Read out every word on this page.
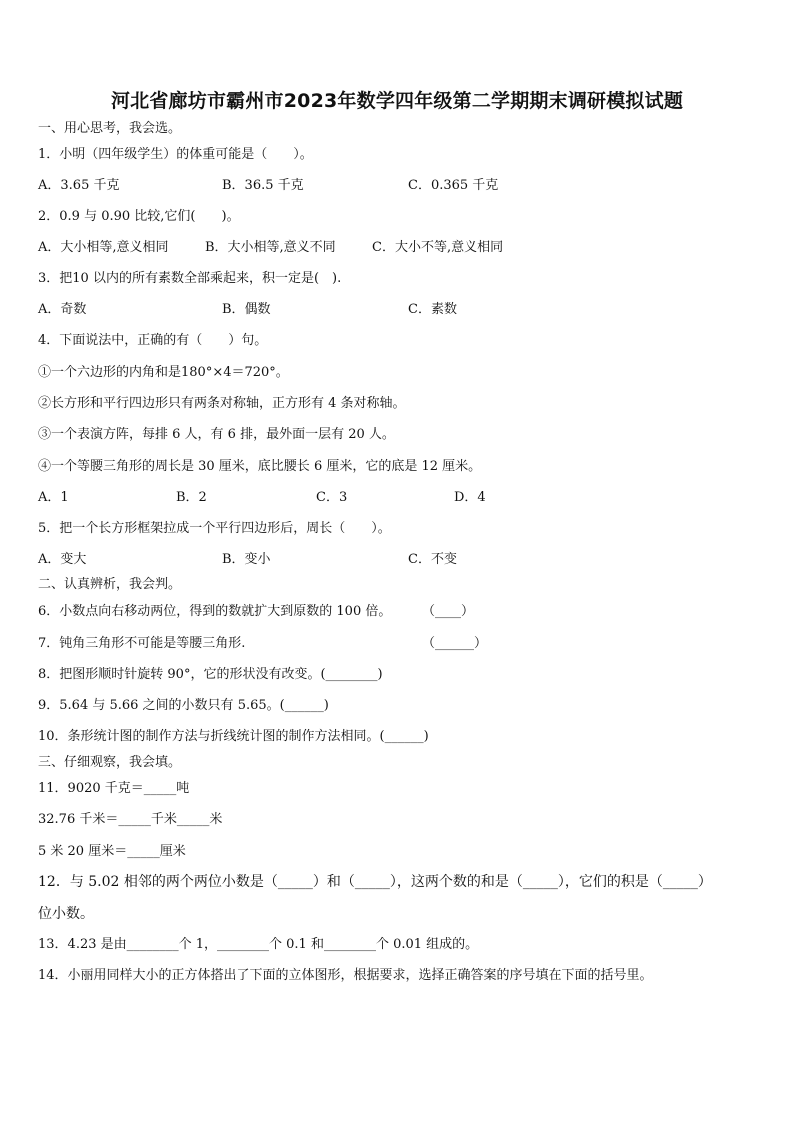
河北省廊坊市霸州市2023年数学四年级第二学期期末调研模拟试题
一、用心思考，我会选。
1．小明（四年级学生）的体重可能是（　　）。
A．3.65 千克	B．36.5 千克	C．0.365 千克
2．0.9 与 0.90 比较,它们(　　)。
A．大小相等,意义相同	B．大小相等,意义不同	C．大小不等,意义相同
3．把10 以内的所有素数全部乘起来，积一定是(　).
A．奇数	B．偶数	C．素数
4．下面说法中，正确的有（　　）句。
①一个六边形的内角和是180°×4＝720°。
②长方形和平行四边形只有两条对称轴，正方形有 4 条对称轴。
③一个表演方阵，每排 6 人，有 6 排，最外面一层有 20 人。
④一个等腰三角形的周长是 30 厘米，底比腰长 6 厘米，它的底是 12 厘米。
A．1	B．2	C．3	D．4
5．把一个长方形框架拉成一个平行四边形后，周长（　　）。
A．变大	B．变小	C．不变
二、认真辨析，我会判。
6．小数点向右移动两位，得到的数就扩大到原数的 100 倍。 （____）
7．钝角三角形不可能是等腰三角形.	（______）
8．把图形顺时针旋转 90°，它的形状没有改变。(________)
9．5.64 与 5.66 之间的小数只有 5.65。(______)
10．条形统计图的制作方法与折线统计图的制作方法相同。(______)
三、仔细观察，我会填。
11．9020 千克＝_____吨
32.76 千米＝_____千米_____米
5 米 20 厘米＝_____厘米
12．与 5.02 相邻的两个两位小数是（_____）和（_____），这两个数的和是（_____），它们的积是（_____）
位小数。
13．4.23 是由________个 1，________个 0.1 和________个 0.01 组成的。
14．小丽用同样大小的正方体搭出了下面的立体图形，根据要求，选择正确答案的序号填在下面的括号里。
